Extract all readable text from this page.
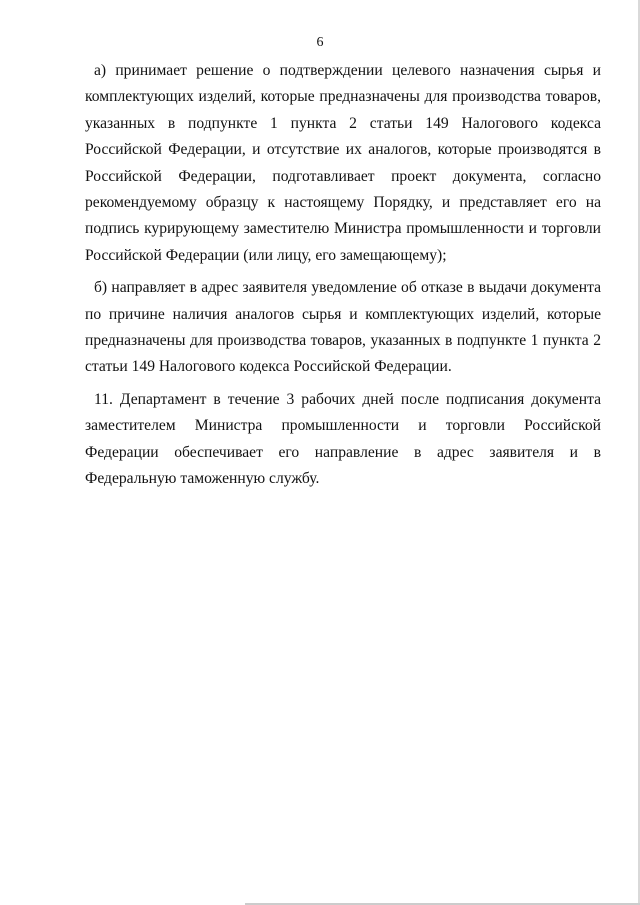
6

а) принимает решение о подтверждении целевого назначения сырья и комплектующих изделий, которые предназначены для производства товаров, указанных в подпункте 1 пункта 2 статьи 149 Налогового кодекса Российской Федерации, и отсутствие их аналогов, которые производятся в Российской Федерации, подготавливает проект документа, согласно рекомендуемому образцу к настоящему Порядку, и представляет его на подпись курирующему заместителю Министра промышленности и торговли Российской Федерации (или лицу, его замещающему);

б) направляет в адрес заявителя уведомление об отказе в выдачи документа по причине наличия аналогов сырья и комплектующих изделий, которые предназначены для производства товаров, указанных в подпункте 1 пункта 2 статьи 149 Налогового кодекса Российской Федерации.

11. Департамент в течение 3 рабочих дней после подписания документа заместителем Министра промышленности и торговли Российской Федерации обеспечивает его направление в адрес заявителя и в Федеральную таможенную службу.
